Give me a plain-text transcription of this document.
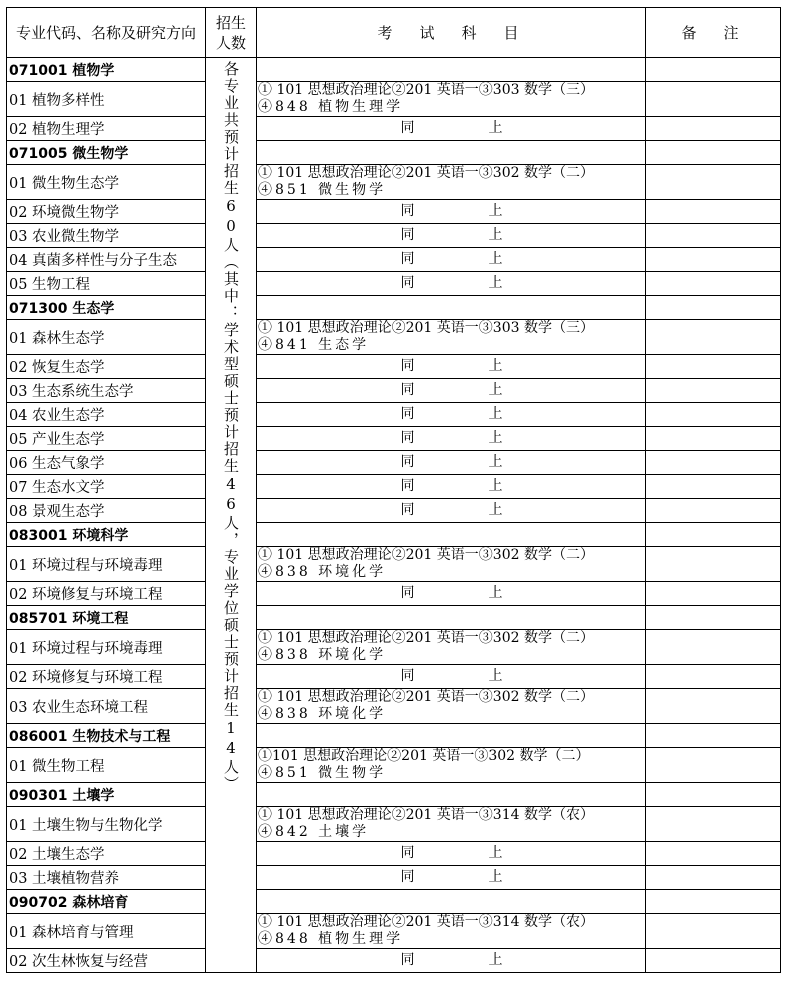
专业代码、名称及研究方向	招生人数	考　试　科　目	备　注
071001 植物学	各专业共预计招生60人（其中：学术型硕士预计招生46人，专业学位硕士预计招生14人）		

01 植物多样性		① 101 思想政治理论②201 英语一③303 数学（三）
④848 植物生理学	

02 植物生理学		同 上	

071005 微生物学			
01 微生物生态学		① 101 思想政治理论②201 英语一③302 数学（二）
④851 微生物学	

02 环境微生物学		同 上	

03 农业微生物学		同 上	

04 真菌多样性与分子生态		同 上	

05 生物工程		同 上	

071300 生态学			
01 森林生态学		① 101 思想政治理论②201 英语一③303 数学（三）
④841 生态学	

02 恢复生态学		同 上	

03 生态系统生态学		同 上	

04 农业生态学		同 上	

05 产业生态学		同 上	

06 生态气象学		同 上	

07 生态水文学		同 上	

08 景观生态学		同 上	

083001 环境科学			
01 环境过程与环境毒理		① 101 思想政治理论②201 英语一③302 数学（二）
④838 环境化学	

02 环境修复与环境工程		同 上	

085701 环境工程			
01 环境过程与环境毒理		① 101 思想政治理论②201 英语一③302 数学（二）
④838 环境化学	

02 环境修复与环境工程		同 上	

03 农业生态环境工程		① 101 思想政治理论②201 英语一③302 数学（二）
④838 环境化学	

086001 生物技术与工程			
01 微生物工程		①101 思想政治理论②201 英语一③302 数学（二）
④851 微生物学	

090301 土壤学			
01 土壤生物与生物化学		① 101 思想政治理论②201 英语一③314 数学（农）
④842 土壤学	

02 土壤生态学		同 上	

03 土壤植物营养		同 上	

090702 森林培育			
01 森林培育与管理		① 101 思想政治理论②201 英语一③314 数学（农）
④848 植物生理学	

02 次生林恢复与经营		同 上	
